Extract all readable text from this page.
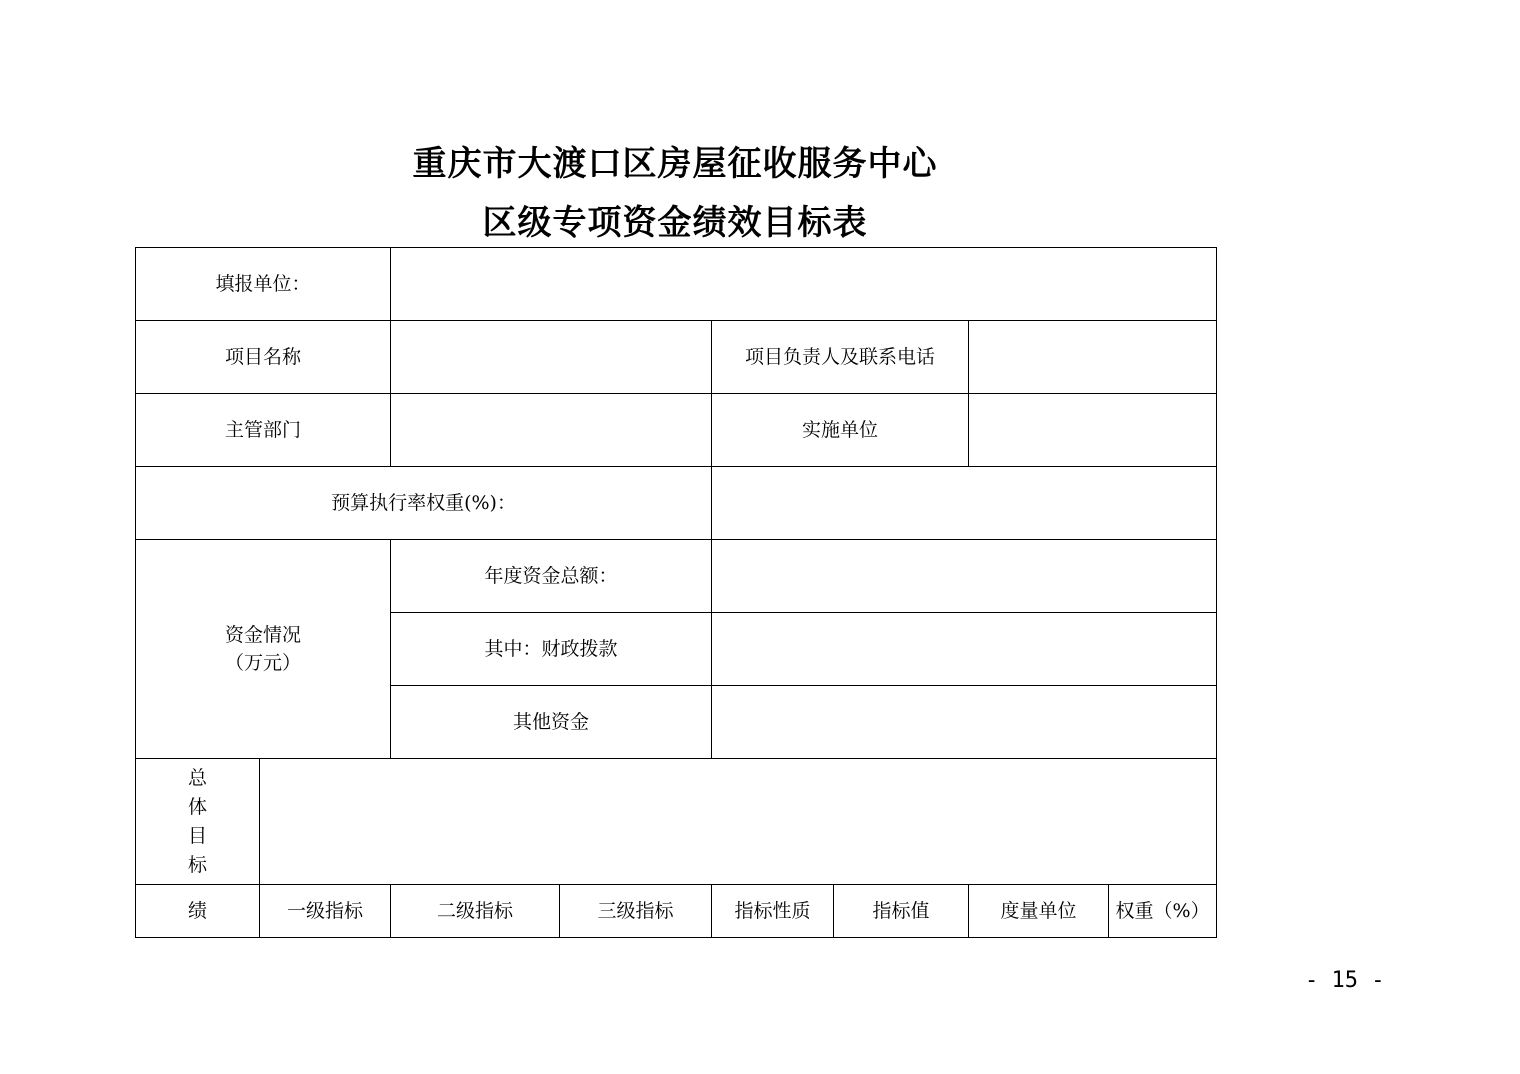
重庆市大渡口区房屋征收服务中心
区级专项资金绩效目标表
填报单位：							
项目名称				项目负责人及联系电话			
主管部门				实施单位			
预算执行率权重(%)：							

资金情况
（万元）		年度资金总额：					
		其中：财政拨款					
		其他资金					
总体目标							
绩	一级指标	二级指标	三级指标	指标性质	指标值	度量单位	权重（%）
- 15 -
